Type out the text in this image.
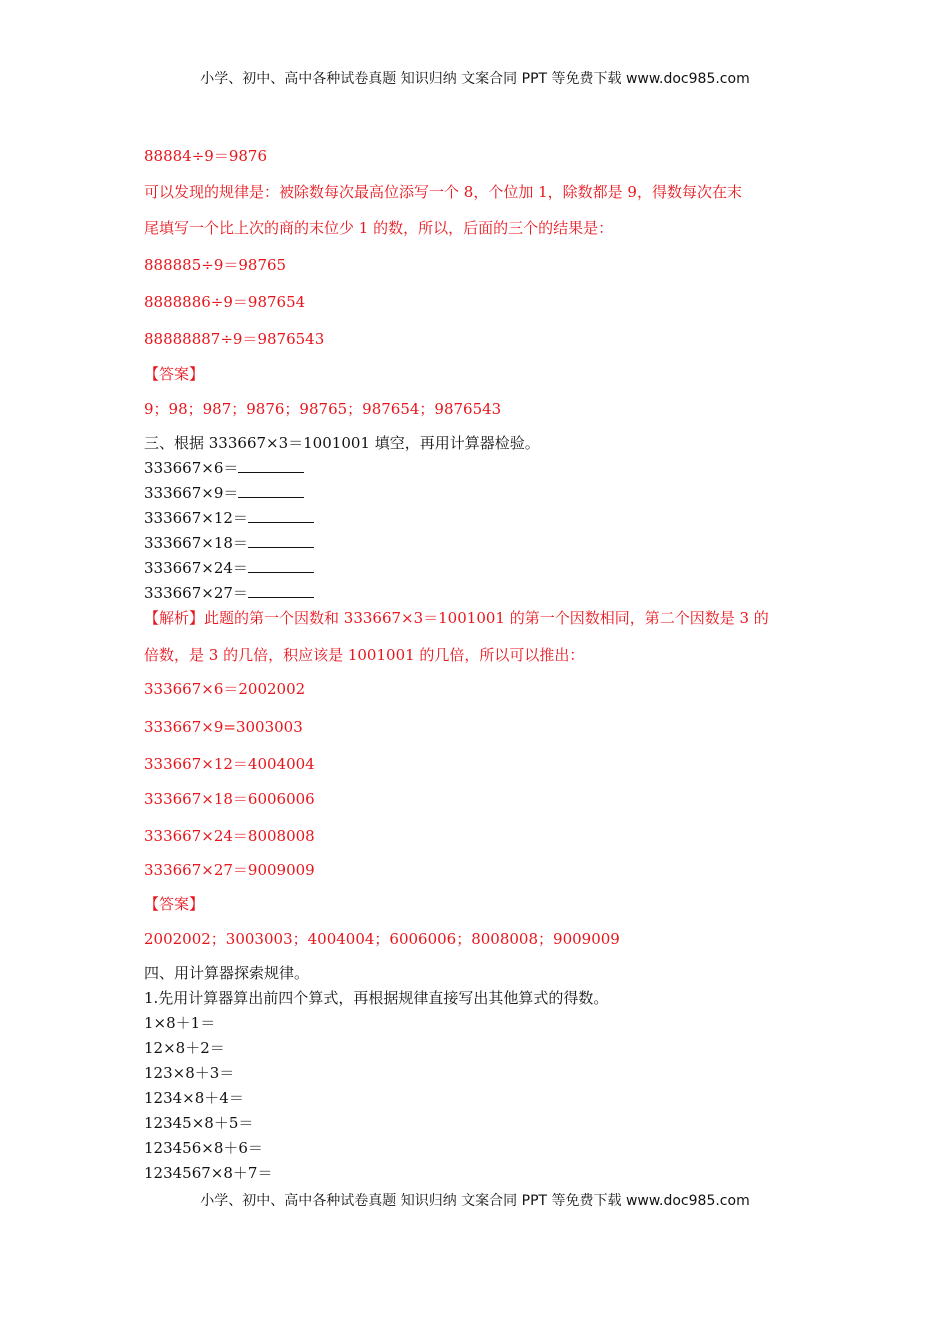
小学、初中、高中各种试卷真题 知识归纳 文案合同 PPT 等免费下载 www.doc985.com
88884÷9＝9876
可以发现的规律是：被除数每次最高位添写一个 8，个位加 1，除数都是 9，得数每次在末
尾填写一个比上次的商的末位少 1 的数，所以，后面的三个的结果是：
888885÷9＝98765
8888886÷9＝987654
88888887÷9＝9876543
【答案】
9；98；987；9876；98765；987654；9876543
三、根据 333667×3＝1001001 填空，再用计算器检验。
333667×6＝
333667×9＝
333667×12＝
333667×18＝
333667×24＝
333667×27＝
【解析】此题的第一个因数和 333667×3＝1001001 的第一个因数相同，第二个因数是 3 的
倍数，是 3 的几倍，积应该是 1001001 的几倍，所以可以推出：
333667×6＝2002002
333667×9=3003003
333667×12＝4004004
333667×18＝6006006
333667×24＝8008008
333667×27＝9009009
【答案】
2002002；3003003；4004004；6006006；8008008；9009009
四、用计算器探索规律。
1.先用计算器算出前四个算式，再根据规律直接写出其他算式的得数。
1×8＋1＝
12×8＋2＝
123×8＋3＝
1234×8＋4＝
12345×8＋5＝
123456×8＋6＝
1234567×8＋7＝
小学、初中、高中各种试卷真题 知识归纳 文案合同 PPT 等免费下载 www.doc985.com
